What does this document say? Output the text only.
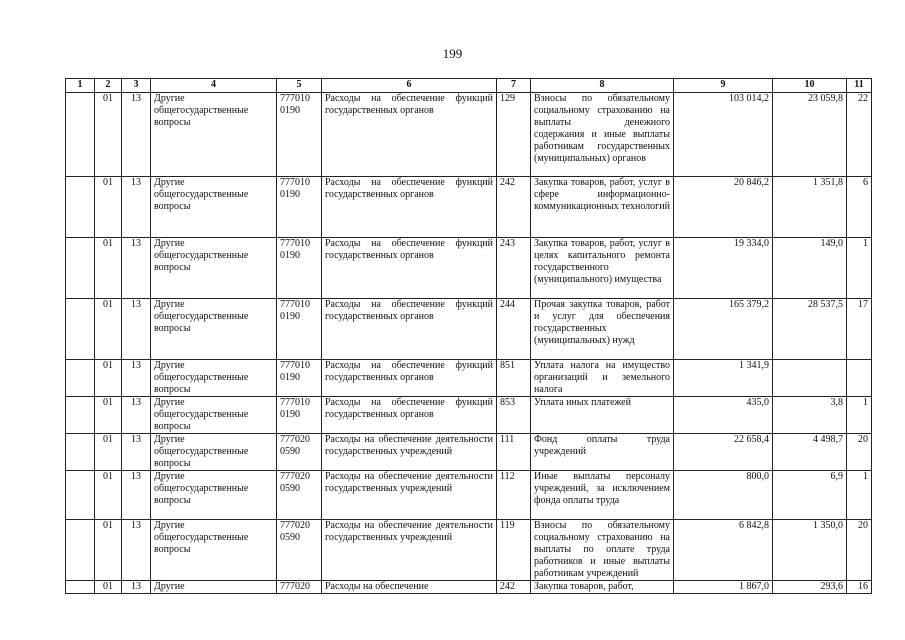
199
1	2	3	4	5	6	7	8	9	10	11
	01	13	Другие общегосударственные вопросы	777010 0190	Расходы на обеспечение функций государственных органов	129	Взносы по обязательному социальному страхованию на выплаты денежного содержания и иные выплаты работникам государственных (муниципальных) органов	103 014,2	23 059,8	22
	01	13	Другие общегосударственные вопросы	777010 0190	Расходы на обеспечение функций государственных органов	242	Закупка товаров, работ, услуг в сфере информационно-коммуникационных технологий	20 846,2	1 351,8	6
	01	13	Другие общегосударственные вопросы	777010 0190	Расходы на обеспечение функций государственных органов	243	Закупка товаров, работ, услуг в целях капитального ремонта государственного (муниципального) имущества	19 334,0	149,0	1
	01	13	Другие общегосударственные вопросы	777010 0190	Расходы на обеспечение функций государственных органов	244	Прочая закупка товаров, работ и услуг для обеспечения государственных (муниципальных) нужд	165 379,2	28 537,5	17
	01	13	Другие общегосударственные вопросы	777010 0190	Расходы на обеспечение функций государственных органов	851	Уплата налога на имущество организаций и земельного налога	1 341,9		
	01	13	Другие общегосударственные вопросы	777010 0190	Расходы на обеспечение функций государственных органов	853	Уплата иных платежей	435,0	3,8	1
	01	13	Другие общегосударственные вопросы	777020 0590	Расходы на обеспечение деятельности государственных учреждений	111	Фонд оплаты труда учреждений	22 658,4	4 498,7	20
	01	13	Другие общегосударственные вопросы	777020 0590	Расходы на обеспечение деятельности государственных учреждений	112	Иные выплаты персоналу учреждений, за исключением фонда оплаты труда	800,0	6,9	1
	01	13	Другие общегосударственные вопросы	777020 0590	Расходы на обеспечение деятельности государственных учреждений	119	Взносы по обязательному социальному страхованию на выплаты по оплате труда работников и иные выплаты работникам учреждений	6 842,8	1 350,0	20
	01	13	Другие	777020	Расходы на обеспечение	242	Закупка товаров, работ,	1 867,0	293,6	16
